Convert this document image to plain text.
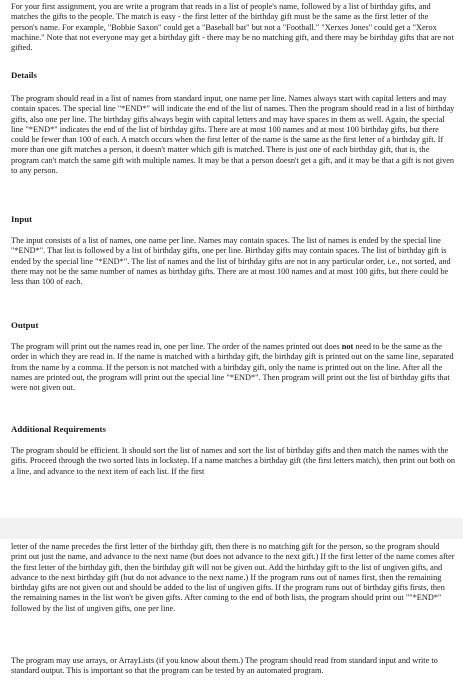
For your first assignment, you are write a program that reads in a list of people's name, followed by a list of birthday gifts, and matches the gifts to the people. The match is easy - the first letter of the birthday gift must be the same as the first letter of the person's name. For example, "Bobbie Saxon" could get a "Baseball bat" but not a "Football." "Xerxes Jones" could get a "Xerox machine." Note that not everyone may get a birthday gift - there may be no matching gift, and there may be birthday gifts that are not gifted.

Details

The program should read in a list of names from standard input, one name per line. Names always start with capital letters and may contain spaces. The special line "*END*" will indicate the end of the list of names. Then the program should read in a list of birthday gifts, also one per line. The birthday gifts always begin with capital letters and may have spaces in them as well. Again, the special line "*END*" indicates the end of the list of birthday gifts. There are at most 100 names and at most 100 birthday gifts, but there could be fewer than 100 of each. A match occurs when the first letter of the name is the same as the first letter of a birthday gift. If more than one gift matches a person, it doesn't matter which gift is matched. There is just one of each birthday gift, that is, the program can't match the same gift with multiple names. It may be that a person doesn't get a gift, and it may be that a gift is not given to any person.

Input

The input consists of a list of names, one name per line. Names may contain spaces. The list of names is ended by the special line "*END*". That list is followed by a list of birthday gifts, one per line. Birthday gifts may contain spaces. The list of birthday gift is ended by the special line "*END*". The list of names and the list of birthday gifts are not in any particular order, i.e., not sorted, and there may not be the same number of names as birthday gifts. There are at most 100 names and at most 100 gifts, but there could be less than 100 of each.

Output

The program will print out the names read in, one per line. The order of the names printed out does not need to be the same as the order in which they are read in. If the name is matched with a birthday gift, the birthday gift is printed out on the same line, separated from the name by a comma. If the person is not matched with a birthday gift, only the name is printed out on the line. After all the names are printed out, the program will print out the special line "*END*". Then program will print out the list of birthday gifts that were not given out.

Additional Requirements

The program should be efficient. It should sort the list of names and sort the list of birthday gifts and then match the names with the gifts. Proceed through the two sorted lists in lockstep. If a name matches a birthday gift (the first letters match), then print out both on a line, and advance to the next item of each list. If the first

letter of the name precedes the first letter of the birthday gift, then there is no matching gift for the person, so the program should print out just the name, and advance to the next name (but does not advance to the next gift.) If the first letter of the name comes after the first letter of the birthday gift, then the birthday gift will not be given out. Add the birthday gift to the list of ungiven gifts, and advance to the next birthday gift (but do not advance to the next name.) If the program runs out of names first, then the remaining birthday gifts are not given out and should be added to the list of ungiven gifts. If the program runs out of birthday gifts firsts, then the remaining names in the list won't be given gifts. After coming to the end of both lists, the program should print out ""*END*" followed by the list of ungiven gifts, one per line.

The program may use arrays, or ArrayLists (if you know about them.) The program should read from standard input and write to standard output. This is important so that the program can be tested by an automated program.
